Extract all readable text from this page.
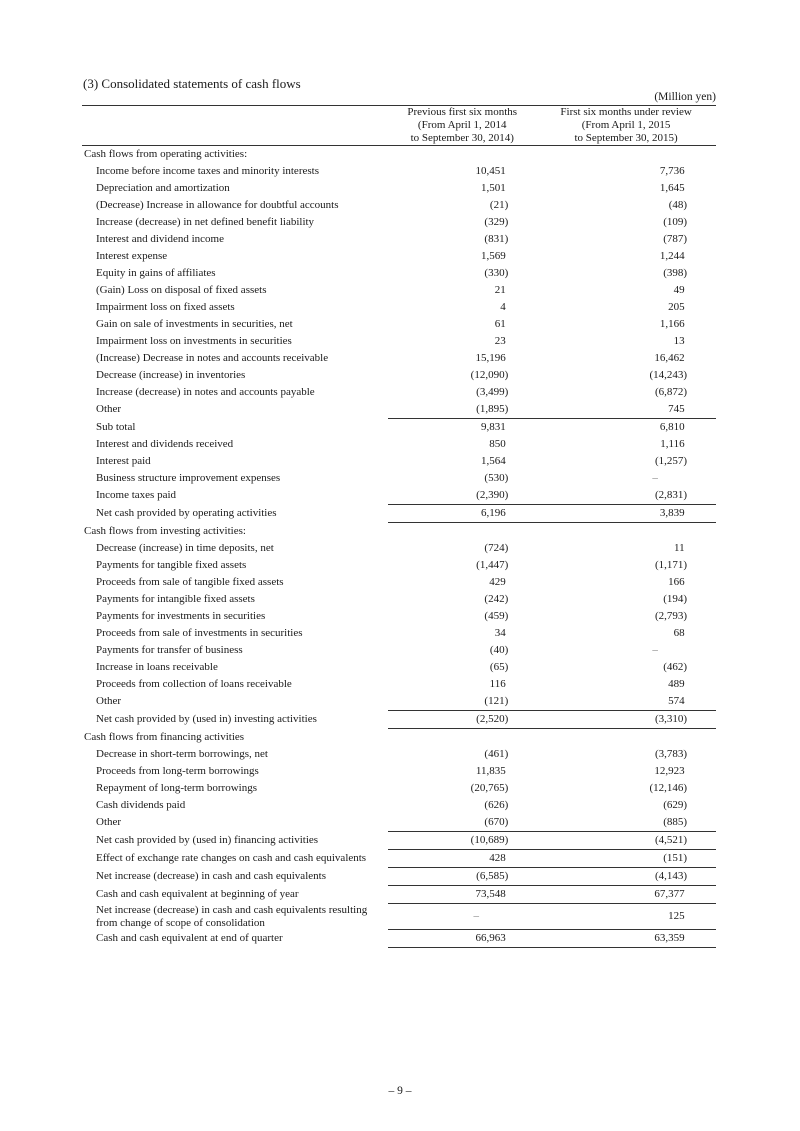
(3) Consolidated statements of cash flows
(Million yen)

Previous first six months
(From April 1, 2014
to September 30, 2014)

First six months under review
(From April 1, 2015
to September 30, 2015)

Cash flows from operating activities:		
Income before income taxes and minority interests	10,451	7,736
Depreciation and amortization	1,501	1,645
(Decrease) Increase in allowance for doubtful accounts	(21)	(48)
Increase (decrease) in net defined benefit liability	(329)	(109)
Interest and dividend income	(831)	(787)
Interest expense	1,569	1,244
Equity in gains of affiliates	(330)	(398)
(Gain) Loss on disposal of fixed assets	21	49
Impairment loss on fixed assets	4	205
Gain on sale of investments in securities, net	61	1,166
Impairment loss on investments in securities	23	13
(Increase) Decrease in notes and accounts receivable	15,196	16,462
Decrease (increase) in inventories	(12,090)	(14,243)
Increase (decrease) in notes and accounts payable	(3,499)	(6,872)
Other	(1,895)	745
Sub total	9,831	6,810
Interest and dividends received	850	1,116
Interest paid	1,564	(1,257)
Business structure improvement expenses	(530)	–
Income taxes paid	(2,390)	(2,831)
Net cash provided by operating activities	6,196	3,839
Cash flows from investing activities:		
Decrease (increase) in time deposits, net	(724)	11
Payments for tangible fixed assets	(1,447)	(1,171)
Proceeds from sale of tangible fixed assets	429	166
Payments for intangible fixed assets	(242)	(194)
Payments for investments in securities	(459)	(2,793)
Proceeds from sale of investments in securities	34	68
Payments for transfer of business	(40)	–
Increase in loans receivable	(65)	(462)
Proceeds from collection of loans receivable	116	489
Other	(121)	574
Net cash provided by (used in) investing activities	(2,520)	(3,310)
Cash flows from financing activities		
Decrease in short-term borrowings, net	(461)	(3,783)
Proceeds from long-term borrowings	11,835	12,923
Repayment of long-term borrowings	(20,765)	(12,146)
Cash dividends paid	(626)	(629)
Other	(670)	(885)
Net cash provided by (used in) financing activities	(10,689)	(4,521)
Effect of exchange rate changes on cash and cash equivalents	428	(151)
Net increase (decrease) in cash and cash equivalents	(6,585)	(4,143)
Cash and cash equivalent at beginning of year	73,548	67,377
Net increase (decrease) in cash and cash equivalents resulting from change of scope of consolidation	–	125
Cash and cash equivalent at end of quarter	66,963	63,359
– 9 –
